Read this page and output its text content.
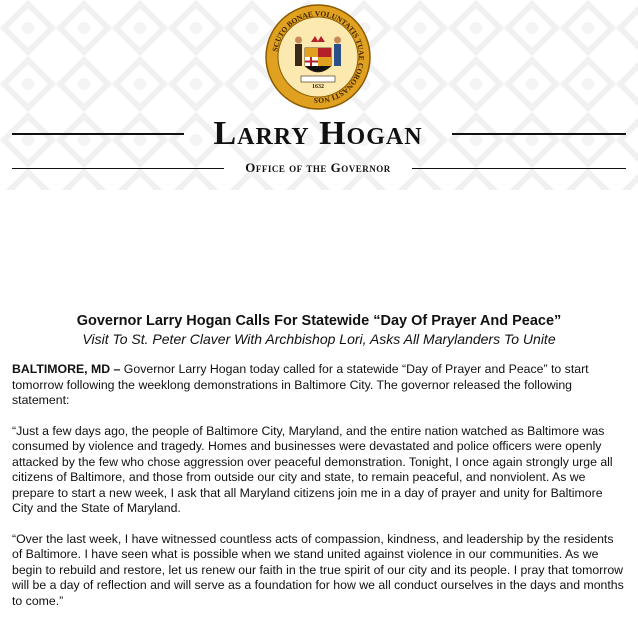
SCUTO BONAE VOLUNTATIS TUAE CORONASTI NOS
1632
Larry Hogan
Office of the Governor

Governor Larry Hogan Calls For Statewide “Day Of Prayer And Peace”

Visit To St. Peter Claver With Archbishop Lori, Asks All Marylanders To Unite

BALTIMORE, MD – Governor Larry Hogan today called for a statewide “Day of Prayer and Peace” to start tomorrow following the weeklong demonstrations in Baltimore City. The governor released the following statement:

“Just a few days ago, the people of Baltimore City, Maryland, and the entire nation watched as Baltimore was consumed by violence and tragedy. Homes and businesses were devastated and police officers were openly attacked by the few who chose aggression over peaceful demonstration. Tonight, I once again strongly urge all citizens of Baltimore, and those from outside our city and state, to remain peaceful, and nonviolent. As we prepare to start a new week, I ask that all Maryland citizens join me in a day of prayer and unity for Baltimore City and the State of Maryland.

“Over the last week, I have witnessed countless acts of compassion, kindness, and leadership by the residents of Baltimore. I have seen what is possible when we stand united against violence in our communities. As we begin to rebuild and restore, let us renew our faith in the true spirit of our city and its people. I pray that tomorrow will be a day of reflection and will serve as a foundation for how we all conduct ourselves in the days and months to come.”
